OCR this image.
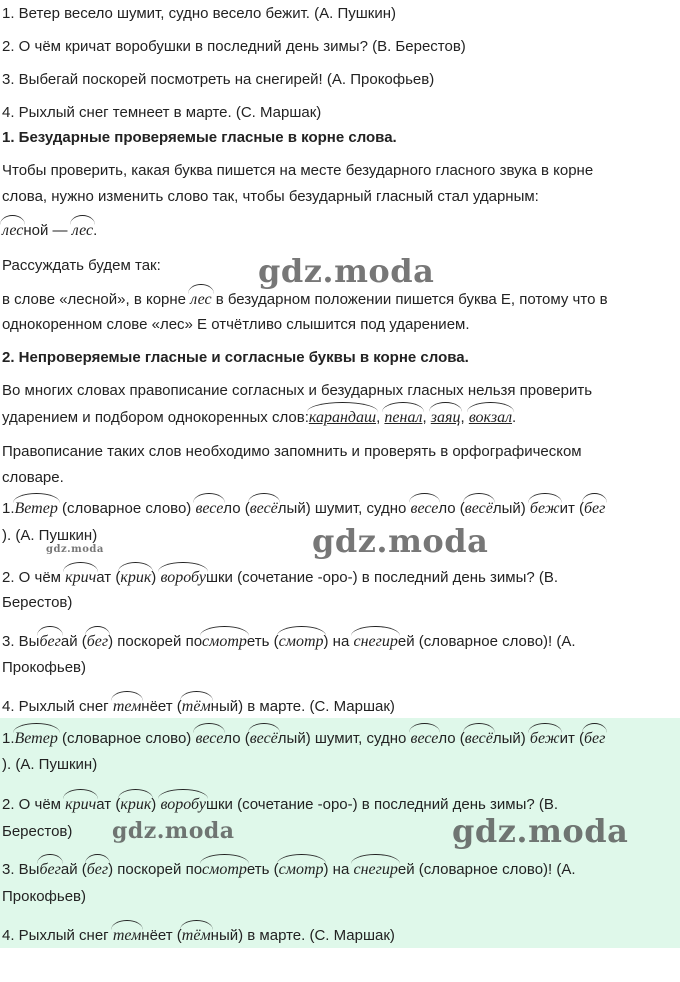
1. Ветер весело шумит, судно весело бежит. (А. Пушкин)
2. О чём кричат воробушки в последний день зимы? (В. Берестов)
3. Выбегай поскорей посмотреть на снегирей! (А. Прокофьев)
4. Рыхлый снег темнеет в марте. (С. Маршак)
1. Безударные проверяемые гласные в корне слова.
Чтобы проверить, какая буква пишется на месте безударного гласного звука в корне
слова, нужно изменить слово так, чтобы безударный гласный стал ударным:
лесной — лес.
Рассуждать будем так:
в слове «лесной», в корне лес в безударном положении пишется буква Е, потому что в
однокоренном слове «лес» Е отчётливо слышится под ударением.
2. Непроверяемые гласные и согласные буквы в корне слова.
Во многих словах правописание согласных и безударных гласных нельзя проверить
ударением и подбором однокоренных слов:карандаш, пенал, заяц, вокзал.
Правописание таких слов необходимо запомнить и проверять в орфографическом
словаре.
1.Ветер (словарное слово) весело (весёлый) шумит, судно весело (весёлый) бежит (бег
). (А. Пушкин)
2. О чём кричат (крик) воробушки (сочетание -оро-) в последний день зимы? (В.
Берестов)
3. Выбегай (бег) поскорей посмотреть (смотр) на снегирей (словарное слово)! (А.
Прокофьев)
4. Рыхлый снег темнёет (тёмный) в марте. (С. Маршак)
1.Ветер (словарное слово) весело (весёлый) шумит, судно весело (весёлый) бежит (бег
). (А. Пушкин)
2. О чём кричат (крик) воробушки (сочетание -оро-) в последний день зимы? (В.
Берестов)
3. Выбегай (бег) поскорей посмотреть (смотр) на снегирей (словарное слово)! (А.
Прокофьев)
4. Рыхлый снег темнёет (тёмный) в марте. (С. Маршак)
gdz.moda
gdz.moda
gdz.moda
gdz.moda	gdz.moda
